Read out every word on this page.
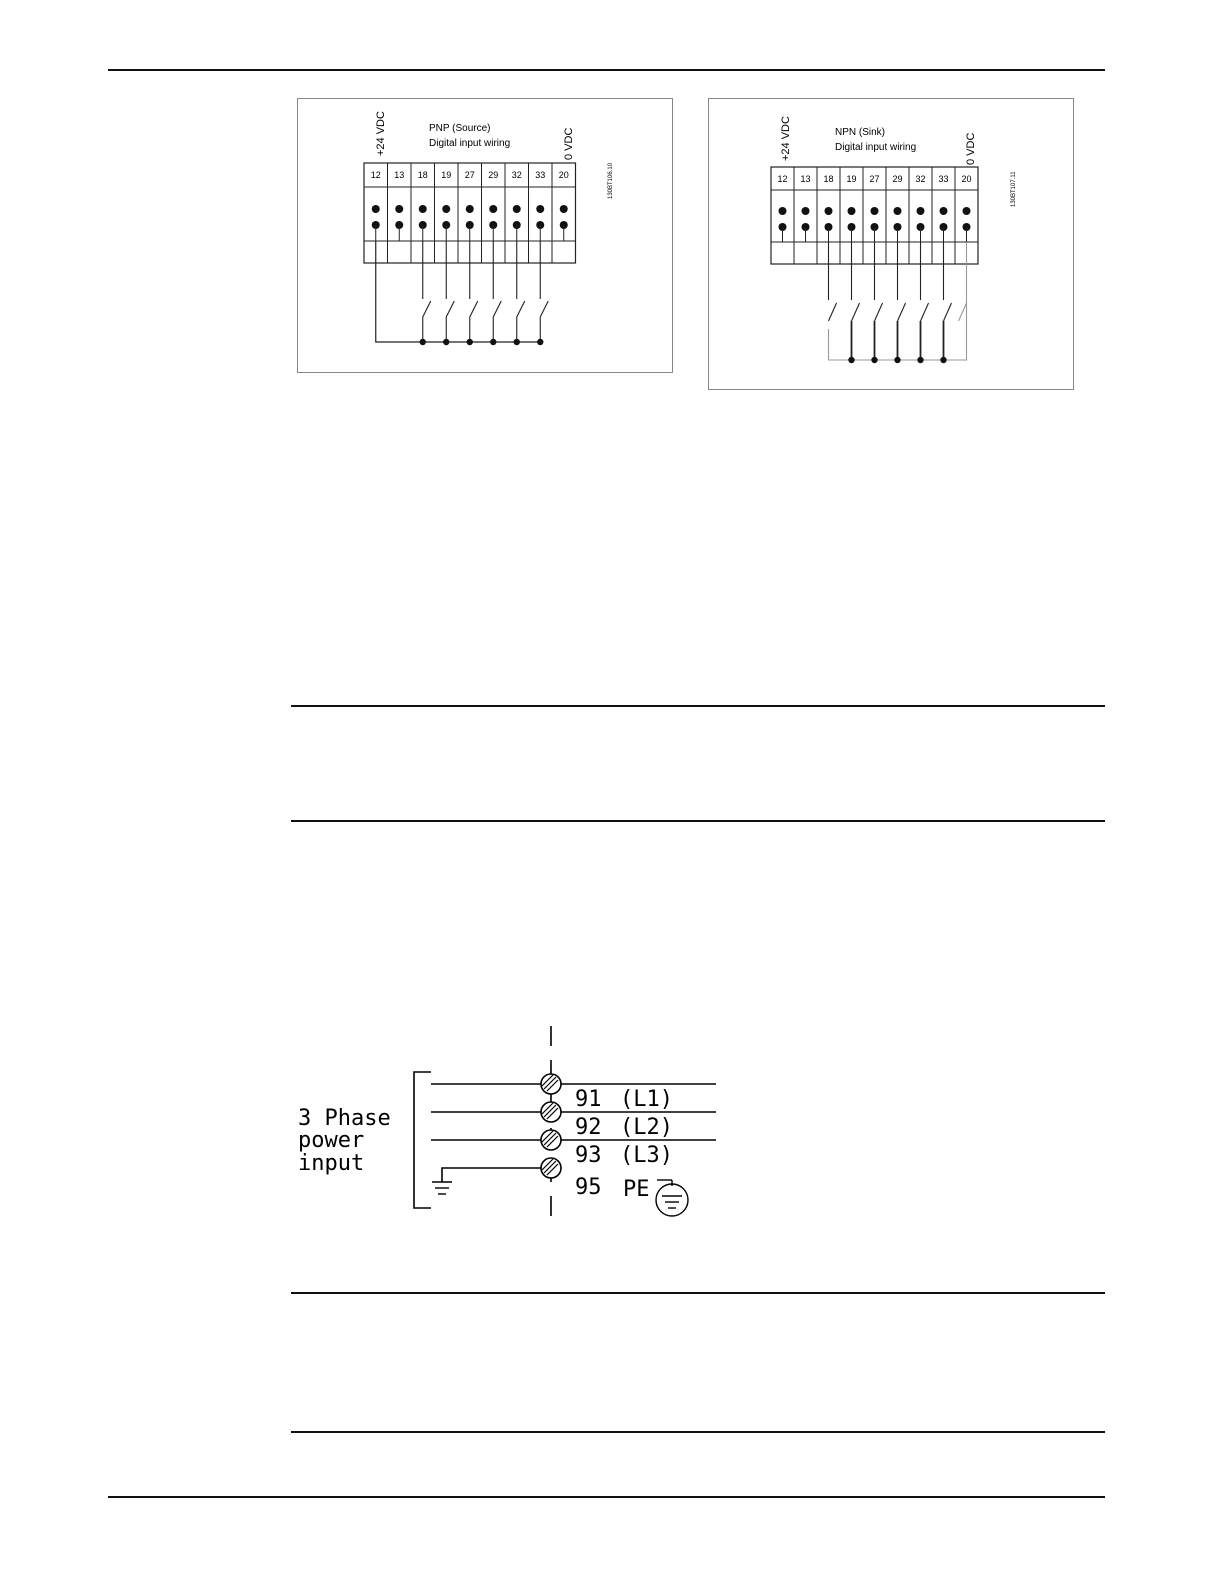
+24 VDC	0 VDC
PNP (Source)
Digital input wiring
130BT106.10
12 13 18 19 27 29 32 33 20
+24 VDC	0 VDC
NPN (Sink)
Digital input wiring
130BT107.11
12 13 18 19 27 29 32 33 20
3 Phase
power
input
91 (L1)
92 (L2)
93 (L3)
95 PE
